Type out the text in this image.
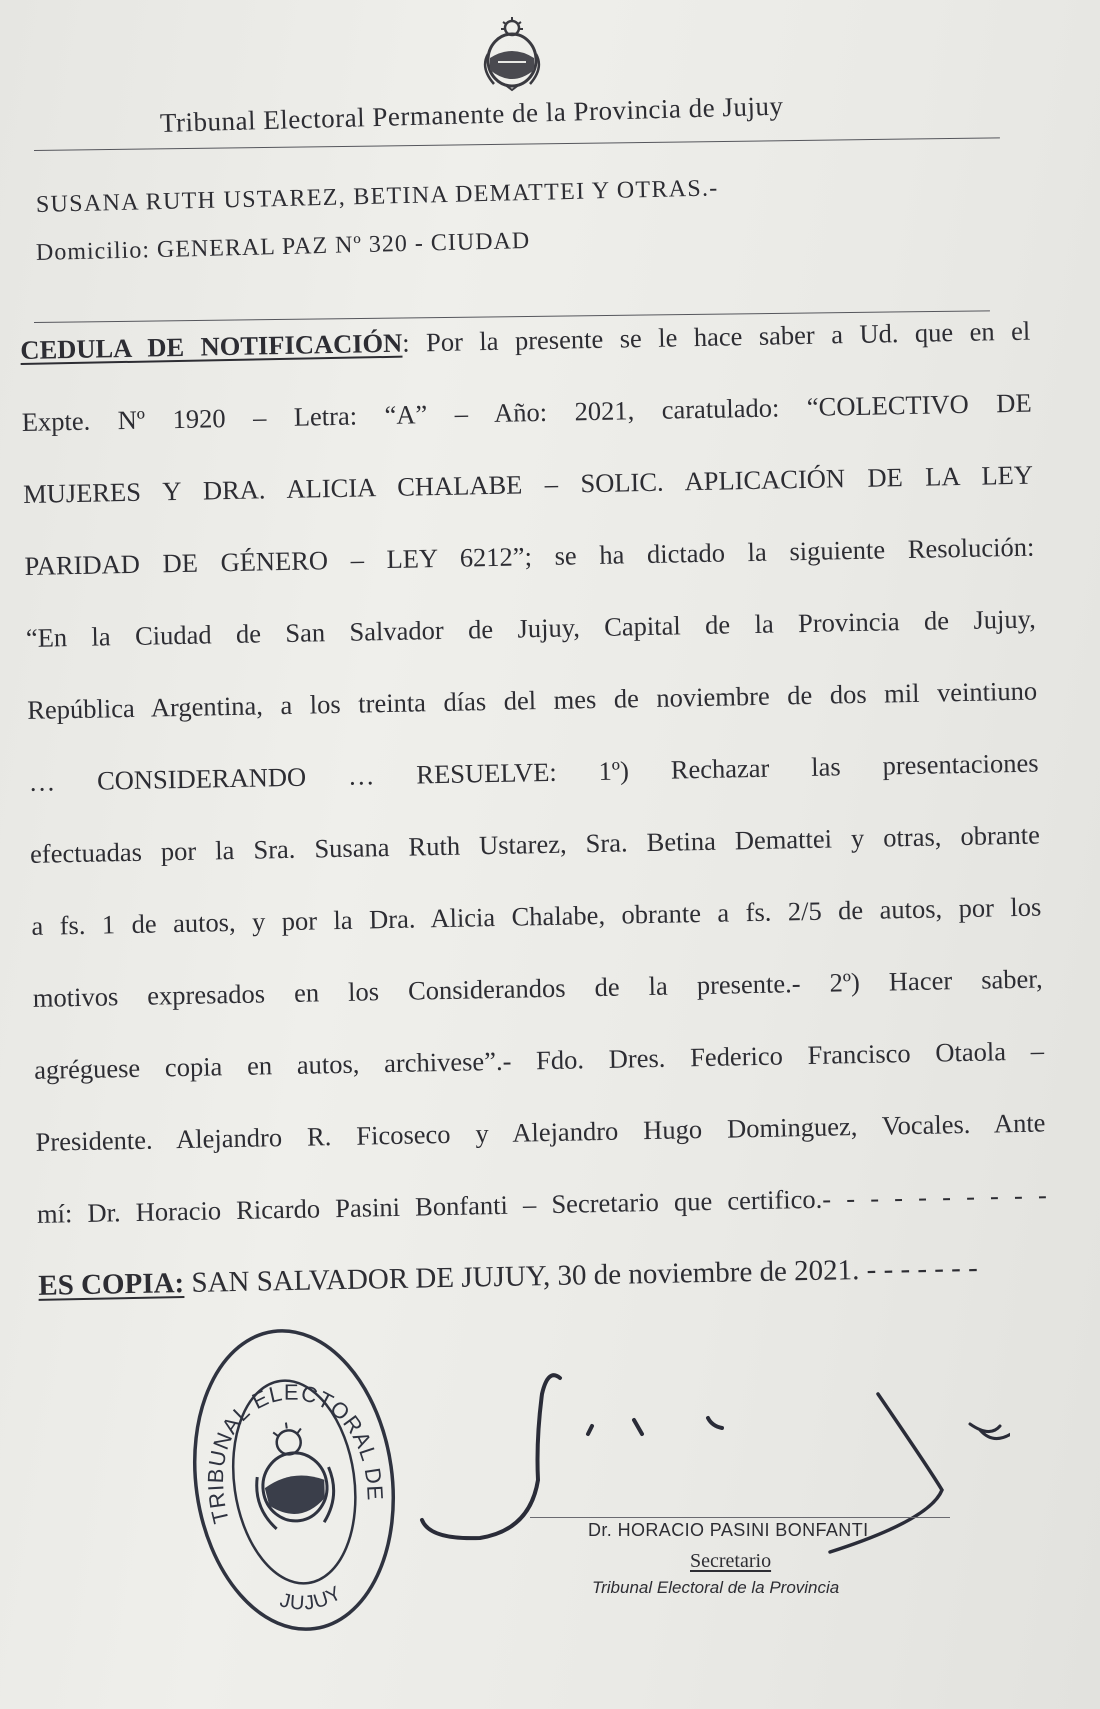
Tribunal Electoral Permanente de la Provincia de Jujuy
SUSANA RUTH USTAREZ, BETINA DEMATTEI Y OTRAS.-
Domicilio: GENERAL PAZ Nº 320 - CIUDAD
CEDULA DE NOTIFICACIÓN: Por la presente se le hace saber a Ud. que en el
Expte. Nº 1920 – Letra: “A” – Año: 2021, caratulado: “COLECTIVO DE
MUJERES Y DRA. ALICIA CHALABE – SOLIC. APLICACIÓN DE LA LEY
PARIDAD DE GÉNERO – LEY 6212”; se ha dictado la siguiente Resolución:
“En la Ciudad de San Salvador de Jujuy, Capital de la Provincia de Jujuy,
República Argentina, a los treinta días del mes de noviembre de dos mil veintiuno
… CONSIDERANDO … RESUELVE: 1º) Rechazar las presentaciones
efectuadas por la Sra. Susana Ruth Ustarez, Sra. Betina Demattei y otras, obrante
a fs. 1 de autos, y por la Dra. Alicia Chalabe, obrante a fs. 2/5 de autos, por los
motivos expresados en los Considerandos de la presente.- 2º) Hacer saber,
agréguese copia en autos, archivese”.- Fdo. Dres. Federico Francisco Otaola –
Presidente. Alejandro R. Ficoseco y Alejandro Hugo Dominguez, Vocales. Ante
mí: Dr. Horacio Ricardo Pasini Bonfanti – Secretario que certifico.- - - - - - - - - -
ES COPIA: SAN SALVADOR DE JUJUY, 30 de noviembre de 2021. - - - - - - -
TRIBUNAL ELECTORAL DE
JUJUY
Dr. HORACIO PASINI BONFANTI
Secretario
Tribunal Electoral de la Provincia
